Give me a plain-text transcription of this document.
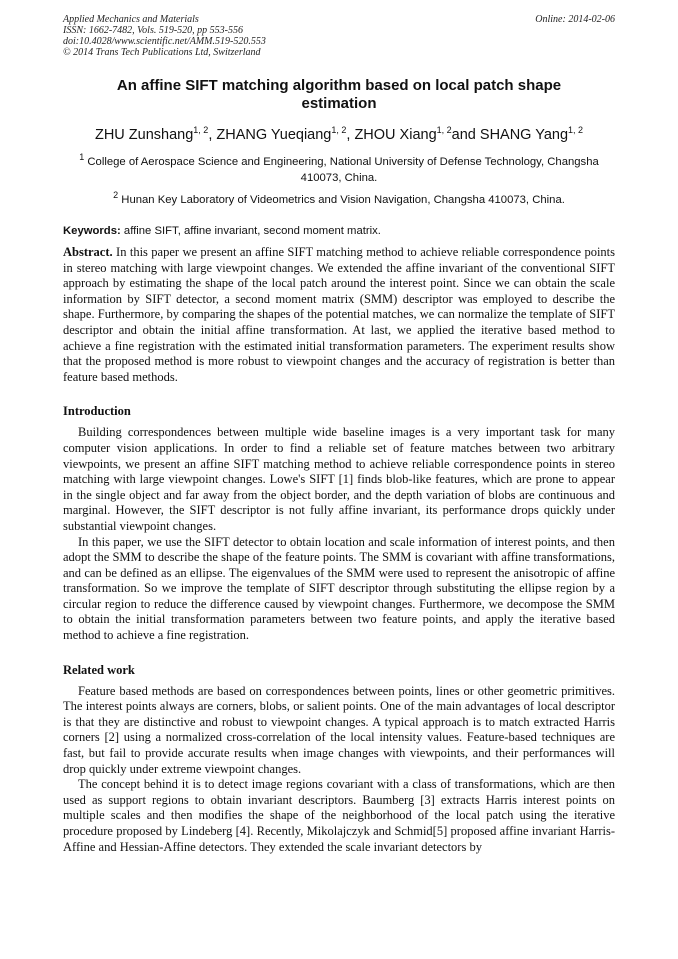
Applied Mechanics and Materials
ISSN: 1662-7482, Vols. 519-520, pp 553-556
doi:10.4028/www.scientific.net/AMM.519-520.553
© 2014 Trans Tech Publications Ltd, Switzerland
Online: 2014-02-06
An affine SIFT matching algorithm based on local patch shape estimation
ZHU Zunshang$^{1, 2}$, ZHANG Yueqiang$^{1, 2}$, ZHOU Xiang$^{1, 2}$and SHANG Yang$^{1, 2}$
$^1$ College of Aerospace Science and Engineering, National University of Defense Technology, Changsha 410073, China.
$^2$ Hunan Key Laboratory of Videometrics and Vision Navigation, Changsha 410073, China.
Keywords: affine SIFT, affine invariant, second moment matrix.

Abstract. In this paper we present an affine SIFT matching method to achieve reliable correspondence points in stereo matching with large viewpoint changes. We extended the affine invariant of the conventional SIFT approach by estimating the shape of the local patch around the interest point. Since we can obtain the scale information by SIFT detector, a second moment matrix (SMM) descriptor was employed to describe the shape. Furthermore, by comparing the shapes of the potential matches, we can normalize the template of SIFT descriptor and obtain the initial affine transformation. At last, we applied the iterative based method to achieve a fine registration with the estimated initial transformation parameters. The experiment results show that the proposed method is more robust to viewpoint changes and the accuracy of registration is better than feature based methods.

Introduction

Building correspondences between multiple wide baseline images is a very important task for many computer vision applications. In order to find a reliable set of feature matches between two arbitrary viewpoints, we present an affine SIFT matching method to achieve reliable correspondence points in stereo matching with large viewpoint changes. Lowe's SIFT [1] finds blob-like features, which are prone to appear in the single object and far away from the object border, and the depth variation of blobs are continuous and marginal. However, the SIFT descriptor is not fully affine invariant, its performance drops quickly under substantial viewpoint changes.

In this paper, we use the SIFT detector to obtain location and scale information of interest points, and then adopt the SMM to describe the shape of the feature points. The SMM is covariant with affine transformations, and can be defined as an ellipse. The eigenvalues of the SMM were used to represent the anisotropic of affine transformation. So we improve the template of SIFT descriptor through substituting the ellipse region by a circular region to reduce the difference caused by viewpoint changes. Furthermore, we decompose the SMM to obtain the initial transformation parameters between two feature points, and apply the iterative based method to achieve a fine registration.

Related work

Feature based methods are based on correspondences between points, lines or other geometric primitives. The interest points always are corners, blobs, or salient points. One of the main advantages of local descriptor is that they are distinctive and robust to viewpoint changes. A typical approach is to match extracted Harris corners [2] using a normalized cross-correlation of the local intensity values. Feature-based techniques are fast, but fail to provide accurate results when image changes with viewpoints, and their performances will drop quickly under extreme viewpoint changes.

The concept behind it is to detect image regions covariant with a class of transformations, which are then used as support regions to obtain invariant descriptors. Baumberg [3] extracts Harris interest points on multiple scales and then modifies the shape of the neighborhood of the local patch using the iterative procedure proposed by Lindeberg [4]. Recently, Mikolajczyk and Schmid[5] proposed affine invariant Harris-Affine and Hessian-Affine detectors. They extended the scale invariant detectors by
